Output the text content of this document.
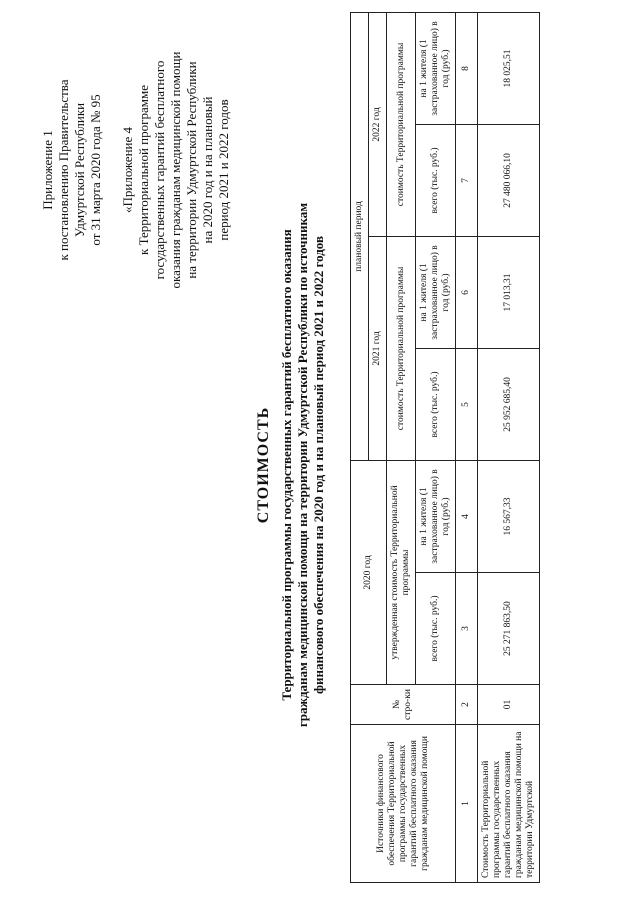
Приложение 1 к постановлению Правительства Удмуртской Республики от 31 марта 2020 года № 95 «Приложение 4 к Территориальной программе государственных гарантий бесплатного оказания гражданам медицинской помощи на территории Удмуртской Республики на 2020 год и на плановый период 2021 и 2022 годов
СТОИМОСТЬ Территориальной программы государственных гарантий бесплатного оказания гражданам медицинской помощи на территории Удмуртской Республики по источникам финансового обеспечения на 2020 год и на плановый период 2021 и 2022 годов
Источники финансового обеспечения Территориальной программы государственных гарантий бесплатного оказания гражданам медицинской помощи	№ стро-ки	2020 год		плановый период			
				2021 год		2022 год	
		утвержденная стоимость Территориальной программы		стоимость Территориальной программы		стоимость Территориальной программы	
		всего (тыс. руб.)	на 1 жителя (1 застрахованное лицо) в год (руб.)	всего (тыс. руб.)	на 1 жителя (1 застрахованное лицо) в год (руб.)	всего (тыс. руб.)	на 1 жителя (1 застрахованное лицо) в год (руб.)
1	2	3	4	5	6	7	8
Стоимость Территориальной программы государственных гарантий бесплатного оказания гражданам медицинской помощи на территории Удмуртской	01	25 271 863,50	16 567,33	25 952 685,40	17 013,31	27 480 066,10	18 025,51
